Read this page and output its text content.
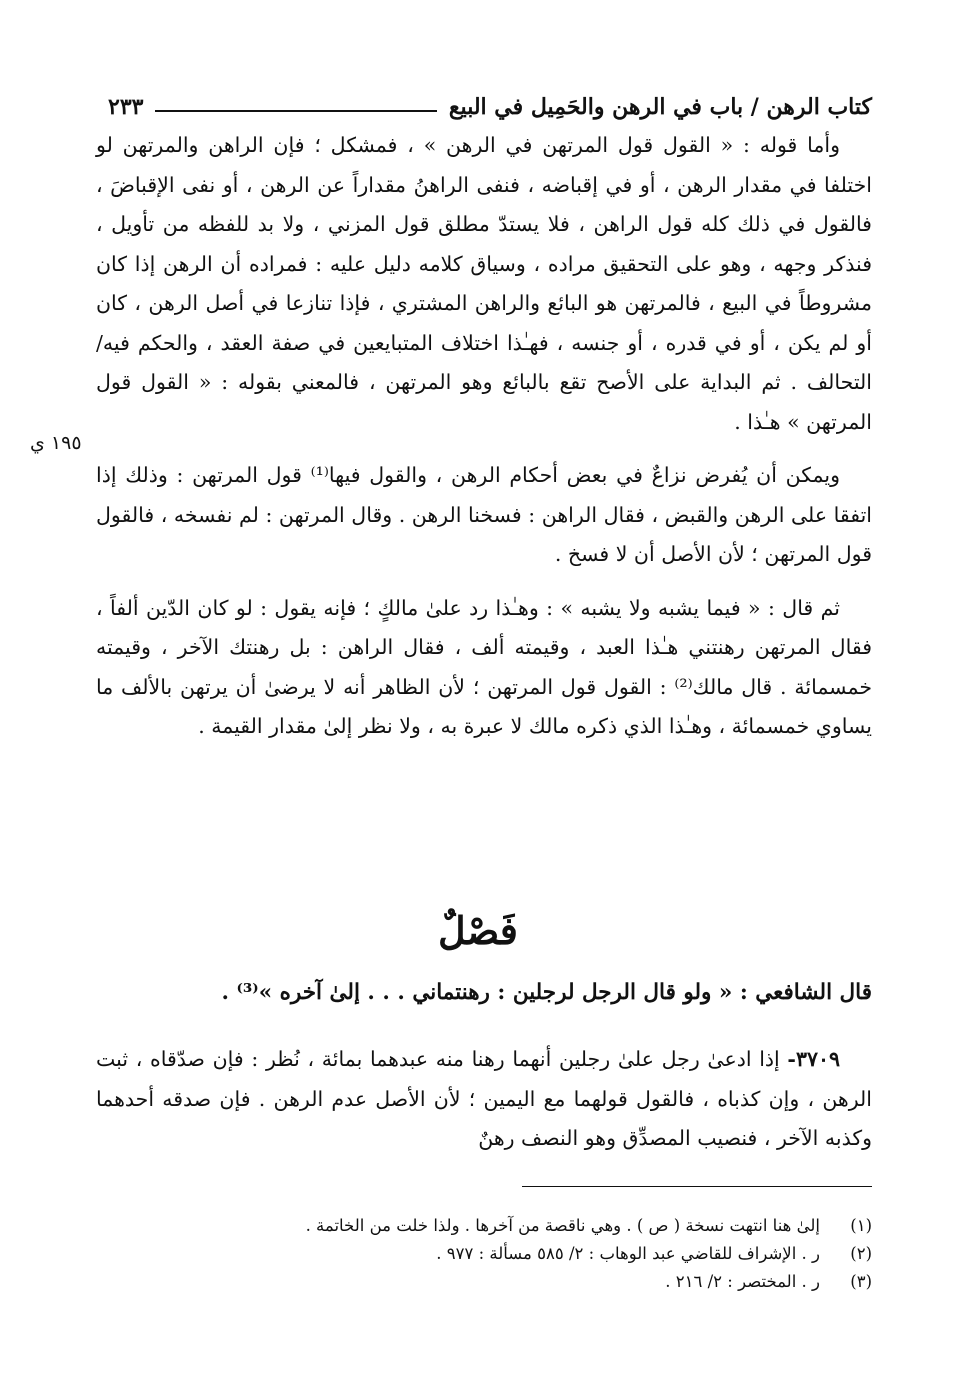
كتاب الرهن / باب في الرهن والحَمِيل في البيع
٢٣٣
١٩٥ ي

وأما قوله : « القول قول المرتهن في الرهن » ، فمشكل ؛ فإن الراهن والمرتهن لو اختلفا في مقدار الرهن ، أو في إقباضه ، فنفى الراهنُ مقداراً عن الرهن ، أو نفى الإقباضَ ، فالقول في ذلك كله قول الراهن ، فلا يستدّ مطلق قول المزني ، ولا بد للفظه من تأويل ، فنذكر وجهه ، وهو على التحقيق مراده ، وسياق كلامه دليل عليه : فمراده أن الرهن إذا كان مشروطاً في البيع ، فالمرتهن هو البائع والراهن المشتري ، فإذا تنازعا في أصل الرهن ، كان أو لم يكن ، أو في قدره ، أو جنسه ، فهـٰذا اختلاف المتبايعين في صفة العقد ، والحكم فيه/ التحالف . ثم البداية على الأصح تقع بالبائع وهو المرتهن ، فالمعني بقوله : « القول قول المرتهن » هـٰذا .

ويمكن أن يُفرض نزاعٌ في بعض أحكام الرهن ، والقول فيها⁽¹⁾ قول المرتهن : وذلك إذا اتفقا على الرهن والقبض ، فقال الراهن : فسخنا الرهن . وقال المرتهن : لم نفسخه ، فالقول قول المرتهن ؛ لأن الأصل أن لا فسخ .

ثم قال : « فيما يشبه ولا يشبه » : وهـٰذا رد علىٰ مالكٍ ؛ فإنه يقول : لو كان الدّين ألفاً ، فقال المرتهن رهنتني هـٰذا العبد ، وقيمته ألف ، فقال الراهن : بل رهنتك الآخر ، وقيمته خمسمائة . قال مالك⁽²⁾ : القول قول المرتهن ؛ لأن الظاهر أنه لا يرضىٰ أن يرتهن بالألف ما يساوي خمسمائة ، وهـٰذا الذي ذكره مالك لا عبرة به ، ولا نظر إلىٰ مقدار القيمة .

فَصْلٌ
قال الشافعي : « ولو قال الرجل لرجلين : رهنتماني . . . إلىٰ آخره »⁽³⁾ .

٣٧٠٩- إذا ادعىٰ رجل علىٰ رجلين أنهما رهنا منه عبدهما بمائة ، نُظر : فإن صدّقاه ، ثبت الرهن ، وإن كذباه ، فالقول قولهما مع اليمين ؛ لأن الأصل عدم الرهن . فإن صدقه أحدهما وكذبه الآخر ، فنصيب المصدِّق وهو النصف رهنٌ

(١)
إلىٰ هنا انتهت نسخة ( ص ) . وهي ناقصة من آخرها . ولذا خلت من الخاتمة .
(٢)
ر . الإشراف للقاضي عبد الوهاب : ٢/ ٥٨٥ مسألة : ٩٧٧ .
(٣)
ر . المختصر : ٢/ ٢١٦ .
